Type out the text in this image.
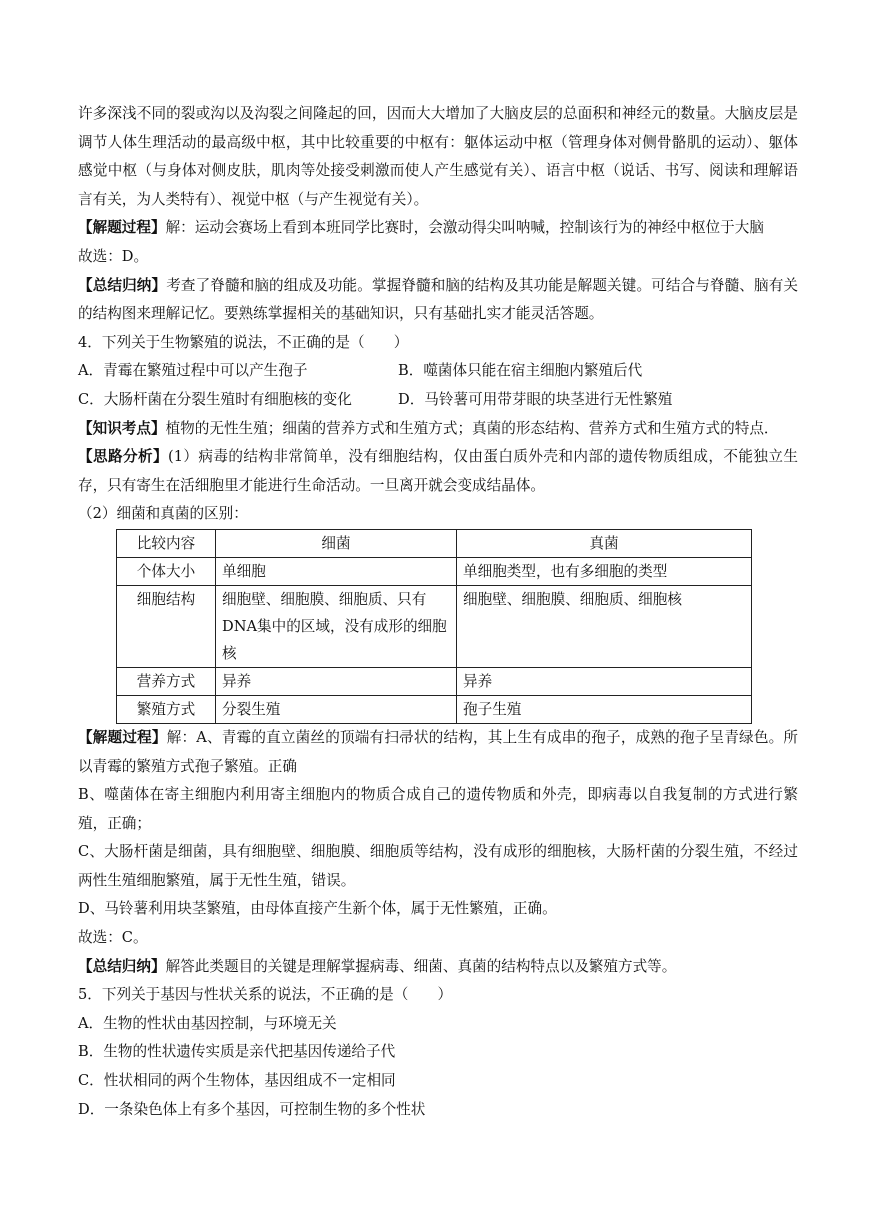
许多深浅不同的裂或沟以及沟裂之间隆起的回，因而大大增加了大脑皮层的总面积和神经元的数量。大脑皮层是调节人体生理活动的最高级中枢，其中比较重要的中枢有：躯体运动中枢（管理身体对侧骨骼肌的运动）、躯体感觉中枢（与身体对侧皮肤，肌肉等处接受刺激而使人产生感觉有关）、语言中枢（说话、书写、阅读和理解语言有关，为人类特有）、视觉中枢（与产生视觉有关）。

【解题过程】解：运动会赛场上看到本班同学比赛时，会激动得尖叫呐喊，控制该行为的神经中枢位于大脑

故选：D。

【总结归纳】考查了脊髓和脑的组成及功能。掌握脊髓和脑的结构及其功能是解题关键。可结合与脊髓、脑有关的结构图来理解记忆。要熟练掌握相关的基础知识，只有基础扎实才能灵活答题。

4．下列关于生物繁殖的说法，不正确的是（　　）

A．青霉在繁殖过程中可以产生孢子	B．噬菌体只能在宿主细胞内繁殖后代
C．大肠杆菌在分裂生殖时有细胞核的变化	D．马铃薯可用带芽眼的块茎进行无性繁殖

【知识考点】植物的无性生殖；细菌的营养方式和生殖方式；真菌的形态结构、营养方式和生殖方式的特点．

【思路分析】(1）病毒的结构非常简单，没有细胞结构，仅由蛋白质外壳和内部的遗传物质组成，不能独立生存，只有寄生在活细胞里才能进行生命活动。一旦离开就会变成结晶体。

（2）细菌和真菌的区别：

比较内容	细菌	真菌
个体大小	单细胞	单细胞类型，也有多细胞的类型
细胞结构	细胞壁、细胞膜、细胞质、只有DNA集中的区域，没有成形的细胞核	细胞壁、细胞膜、细胞质、细胞核
营养方式	异养	异养
繁殖方式	分裂生殖	孢子生殖

【解题过程】解：A、青霉的直立菌丝的顶端有扫帚状的结构，其上生有成串的孢子，成熟的孢子呈青绿色。所以青霉的繁殖方式孢子繁殖。正确

B、噬菌体在寄主细胞内利用寄主细胞内的物质合成自己的遗传物质和外壳，即病毒以自我复制的方式进行繁殖，正确；

C、大肠杆菌是细菌，具有细胞壁、细胞膜、细胞质等结构，没有成形的细胞核，大肠杆菌的分裂生殖，不经过两性生殖细胞繁殖，属于无性生殖，错误。

D、马铃薯利用块茎繁殖，由母体直接产生新个体，属于无性繁殖，正确。

故选：C。

【总结归纳】解答此类题目的关键是理解掌握病毒、细菌、真菌的结构特点以及繁殖方式等。

5．下列关于基因与性状关系的说法，不正确的是（　　）

A．生物的性状由基因控制，与环境无关

B．生物的性状遗传实质是亲代把基因传递给子代

C．性状相同的两个生物体，基因组成不一定相同

D．一条染色体上有多个基因，可控制生物的多个性状
